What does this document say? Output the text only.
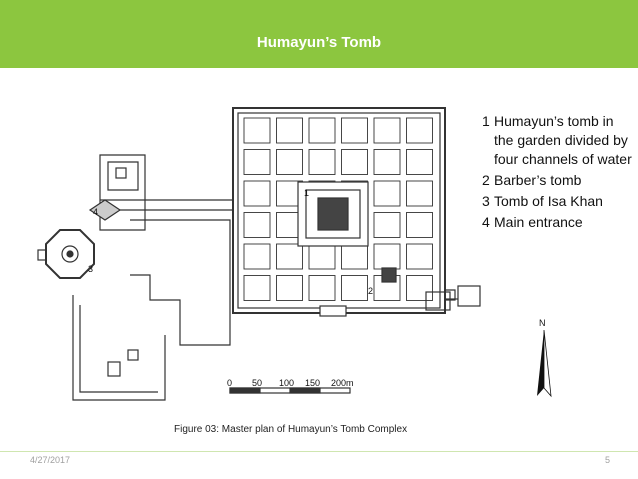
Humayun’s Tomb
1
2
3
4
0 50 100 150 200m
N
1 Humayun’s tomb in the garden divided by four channels of water
2 Barber’s tomb
3 Tomb of Isa Khan
4 Main entrance
Figure 03: Master plan of Humayun’s Tomb Complex
4/27/2017	5
